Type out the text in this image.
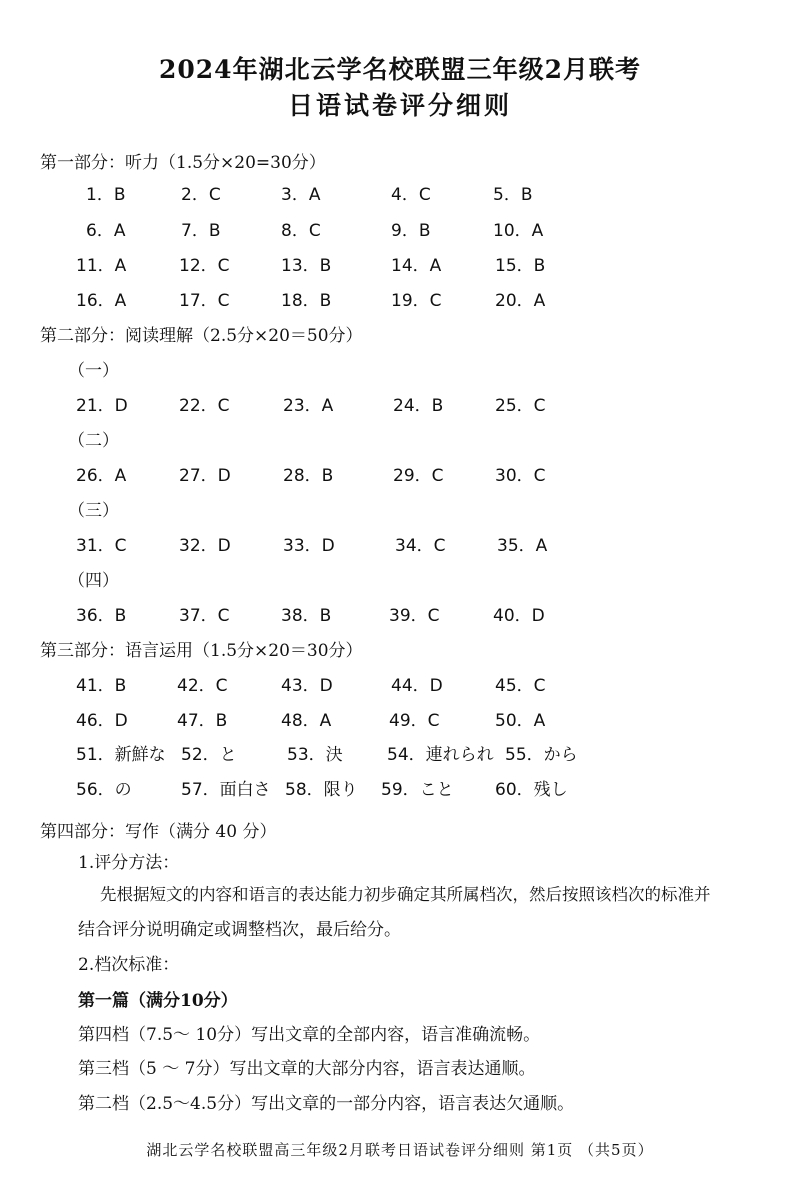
2024年湖北云学名校联盟三年级2月联考
日语试卷评分细则
第一部分：听力（1.5分×20=30分）
1．B	2．C	3．A	4．C	5．B
6．A	7．B	8．C	9．B	10．A
11．A	12．C	13．B	14．A	15．B
16．A	17．C	18．B	19．C	20．A
第二部分：阅读理解（2.5分×20＝50分）
（一）
21．D	22．C	23．A	24．B	25．C
（二）
26．A	27．D	28．B	29．C	30．C
（三）
31．C	32．D	33．D	34．C	35．A
（四）
36．B	37．C	38．B	39．C	40．D
第三部分：语言运用（1.5分×20＝30分）
41．B	42．C	43．D	44．D	45．C
46．D	47．B	48．A	49．C	50．A
51．新鮮な 52．と	53．決	54．連れられ 55．から
56．の	57．面白さ 58．限り 59．こと 60．残し
第四部分：写作（满分 40 分）
1.评分方法：
先根据短文的内容和语言的表达能力初步确定其所属档次，然后按照该档次的标准并
结合评分说明确定或调整档次，最后给分。
2.档次标准：
第一篇（满分10分）
第四档（7.5～ 10分）写出文章的全部内容，语言准确流畅。
第三档（5 ～ 7分）写出文章的大部分内容，语言表达通顺。
第二档（2.5～4.5分）写出文章的一部分内容，语言表达欠通顺。
湖北云学名校联盟高三年级2月联考日语试卷评分细则 第1页 （共5页）
